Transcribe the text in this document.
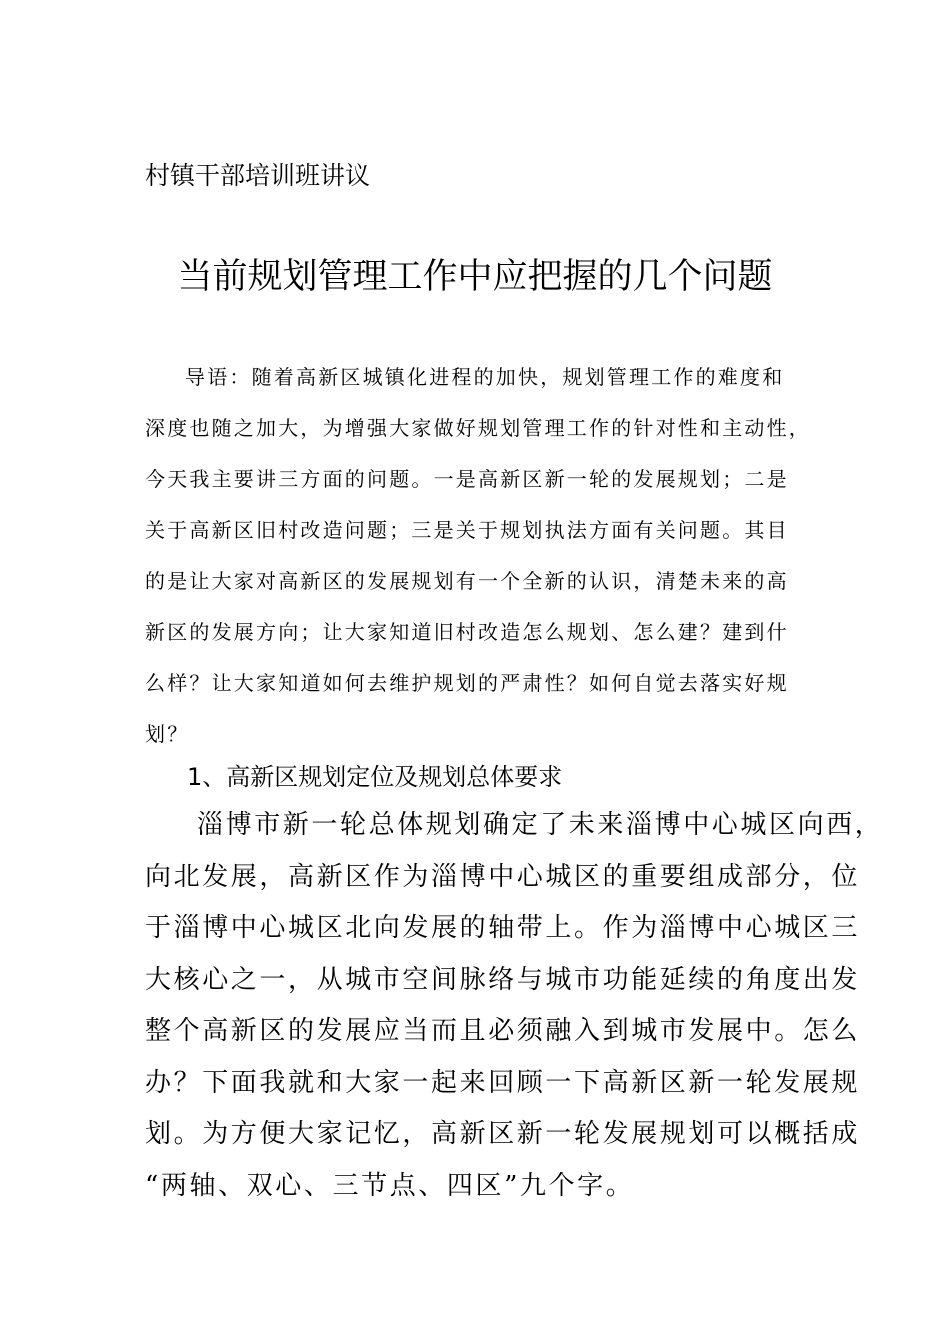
村镇干部培训班讲议
当前规划管理工作中应把握的几个问题
导语：随着高新区城镇化进程的加快，规划管理工作的难度和
深度也随之加大，为增强大家做好规划管理工作的针对性和主动性，
今天我主要讲三方面的问题。一是高新区新一轮的发展规划；二是
关于高新区旧村改造问题；三是关于规划执法方面有关问题。其目
的是让大家对高新区的发展规划有一个全新的认识，清楚未来的高
新区的发展方向；让大家知道旧村改造怎么规划、怎么建？建到什
么样？让大家知道如何去维护规划的严肃性？如何自觉去落实好规
划？
1、高新区规划定位及规划总体要求
淄博市新一轮总体规划确定了未来淄博中心城区向西，
向北发展，高新区作为淄博中心城区的重要组成部分，位
于淄博中心城区北向发展的轴带上。作为淄博中心城区三
大核心之一，从城市空间脉络与城市功能延续的角度出发
整个高新区的发展应当而且必须融入到城市发展中。怎么
办？下面我就和大家一起来回顾一下高新区新一轮发展规
划。为方便大家记忆，高新区新一轮发展规划可以概括成
“两轴、双心、三节点、四区”九个字。
